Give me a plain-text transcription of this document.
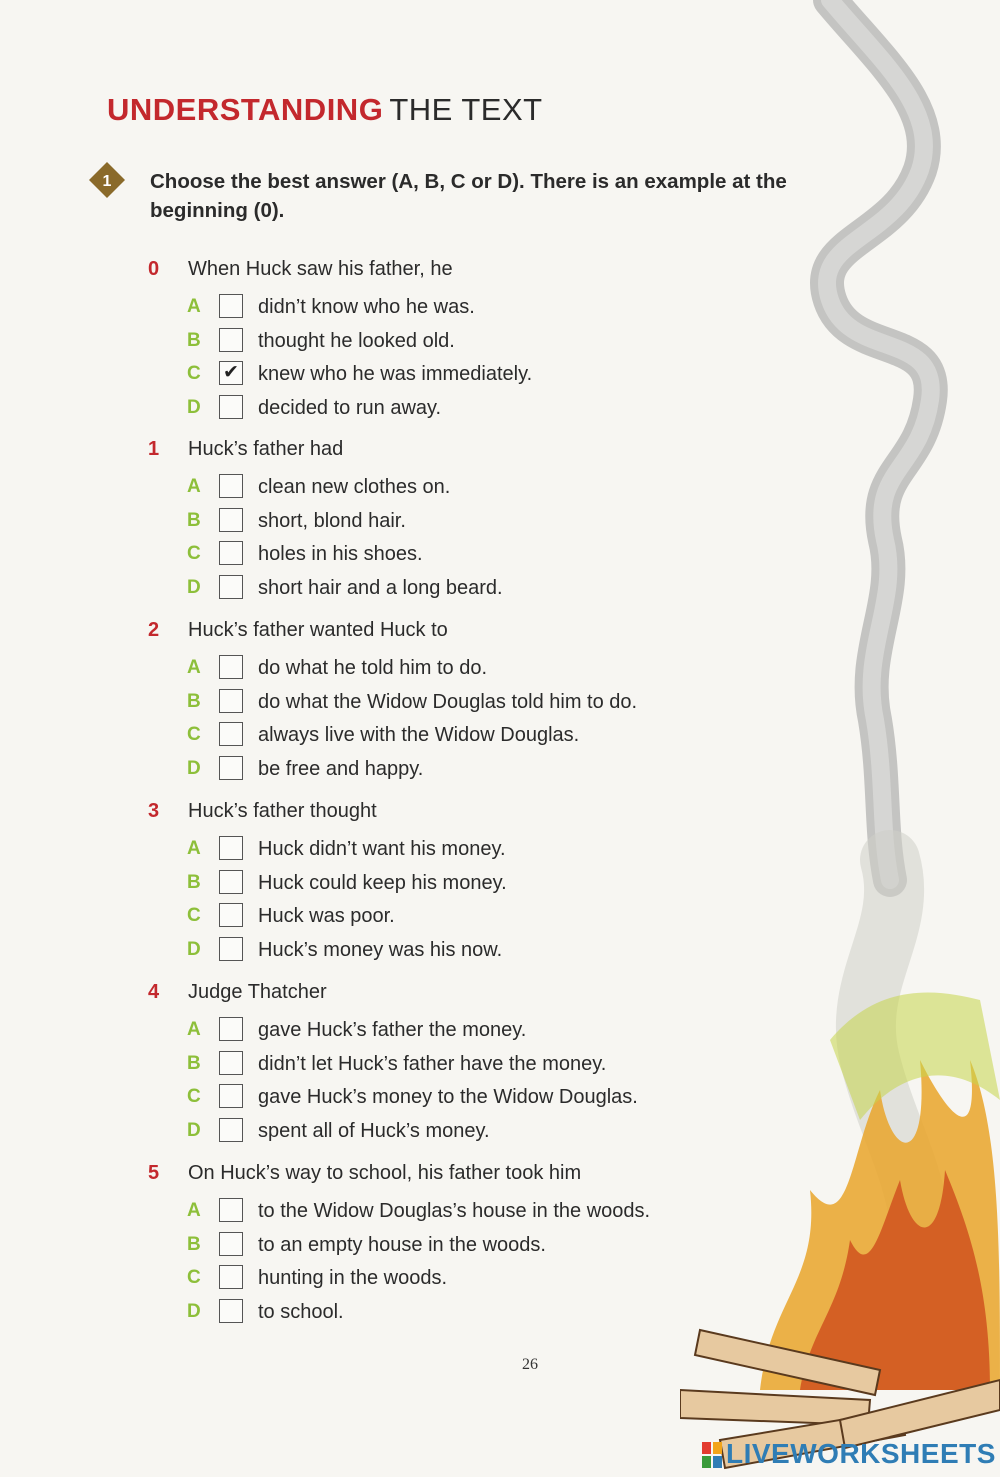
UNDERSTANDING THE TEXT
1 Choose the best answer (A, B, C or D). There is an example at the beginning (0).

0 When Huck saw his father, he
A	didn’t know who he was.
B	thought he looked old.
C ✔ knew who he was immediately.
D	decided to run away.
1 Huck’s father had
A	clean new clothes on.
B	short, blond hair.
C	holes in his shoes.
D	short hair and a long beard.
2 Huck’s father wanted Huck to
A	do what he told him to do.
B	do what the Widow Douglas told him to do.
C	always live with the Widow Douglas.
D	be free and happy.
3 Huck’s father thought
A	Huck didn’t want his money.
B	Huck could keep his money.
C	Huck was poor.
D	Huck’s money was his now.
4 Judge Thatcher
A	gave Huck’s father the money.
B	didn’t let Huck’s father have the money.
C	gave Huck’s money to the Widow Douglas.
D	spent all of Huck’s money.
5 On Huck’s way to school, his father took him
A	to the Widow Douglas’s house in the woods.
B	to an empty house in the woods.
C	hunting in the woods.
D	to school.
26
LIVEWORKSHEETS
